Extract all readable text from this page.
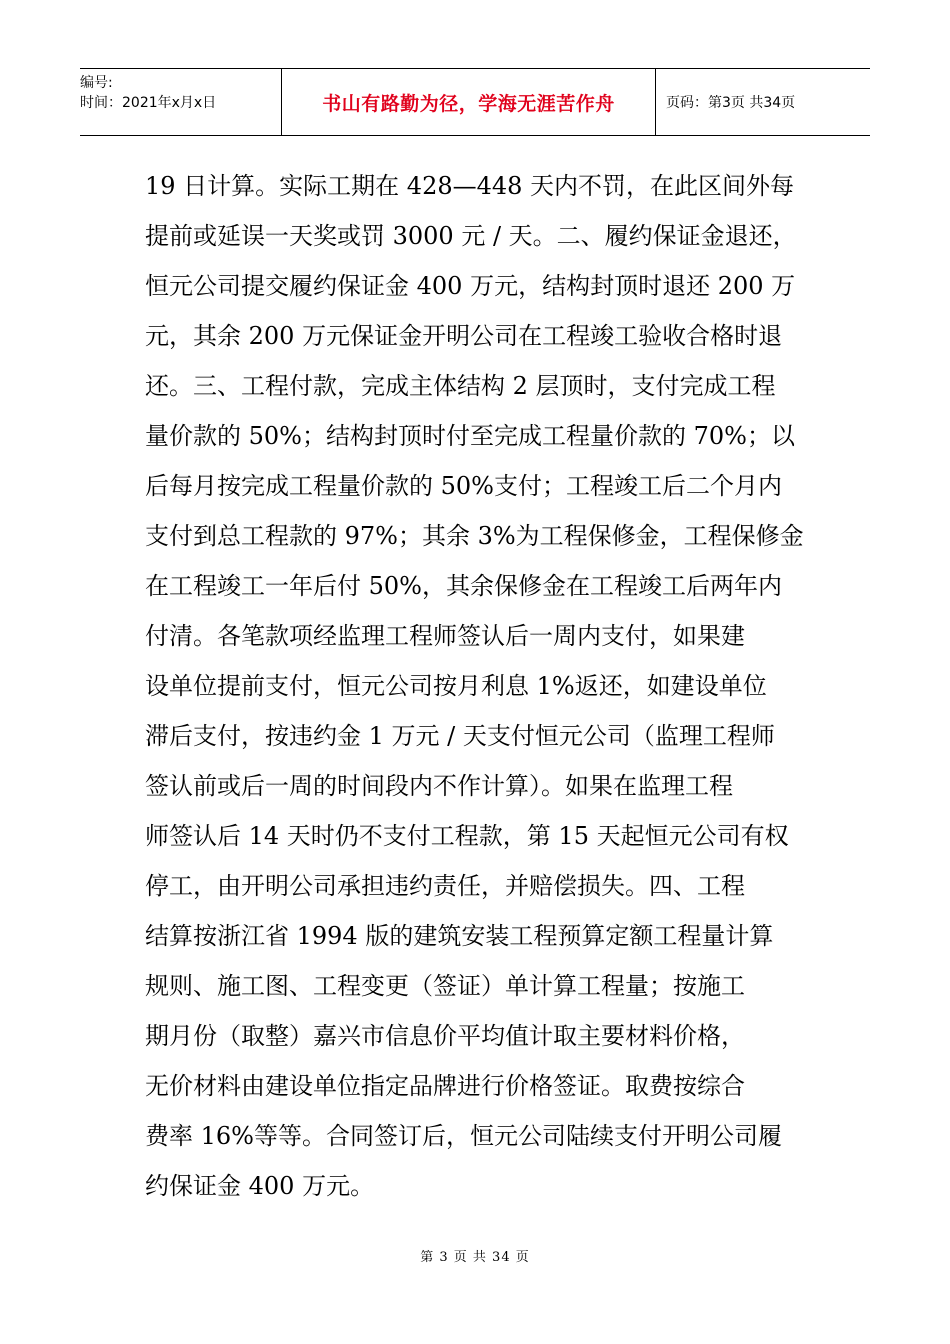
编号:
时间：2021年x月x日	书山有路勤为径，学海无涯苦作舟	页码：第3页 共34页
19 日计算。实际工期在 428—448 天内不罚，在此区间外每
提前或延误一天奖或罚 3000 元 / 天。二、履约保证金退还，
恒元公司提交履约保证金 400 万元，结构封顶时退还 200 万
元，其余 200 万元保证金开明公司在工程竣工验收合格时退
还。三、工程付款，完成主体结构 2 层顶时，支付完成工程
量价款的 50%；结构封顶时付至完成工程量价款的 70%；以
后每月按完成工程量价款的 50%支付；工程竣工后二个月内
支付到总工程款的 97%；其余 3%为工程保修金，工程保修金
在工程竣工一年后付 50%，其余保修金在工程竣工后两年内
付清。各笔款项经监理工程师签认后一周内支付，如果建
设单位提前支付，恒元公司按月利息 1%返还，如建设单位
滞后支付，按违约金 1 万元 / 天支付恒元公司（监理工程师
签认前或后一周的时间段内不作计算）。如果在监理工程
师签认后 14 天时仍不支付工程款，第 15 天起恒元公司有权
停工，由开明公司承担违约责任，并赔偿损失。四、工程
结算按浙江省 1994 版的建筑安装工程预算定额工程量计算
规则、施工图、工程变更（签证）单计算工程量；按施工
期月份（取整）嘉兴市信息价平均值计取主要材料价格，
无价材料由建设单位指定品牌进行价格签证。取费按综合
费率 16%等等。合同签订后，恒元公司陆续支付开明公司履
约保证金 400 万元。
第 3 页 共 34 页
